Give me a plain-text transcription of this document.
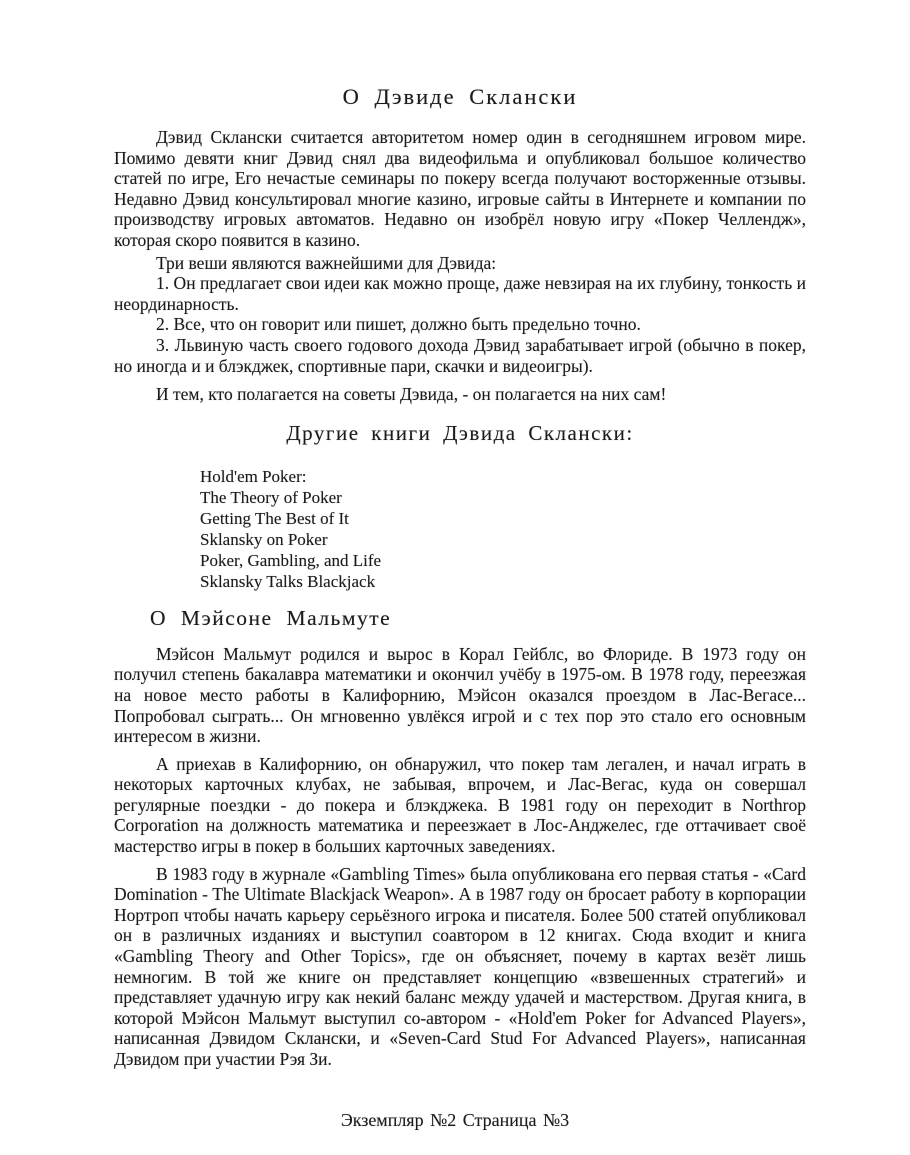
О Дэвиде Склански

Дэвид Склански считается авторитетом номер один в сегодняшнем игровом мире. Помимо девяти книг Дэвид снял два видеофильма и опубликовал большое количество статей по игре, Его нечастые семинары по покеру всегда получают восторженные отзывы. Недавно Дэвид консультировал многие казино, игровые сайты в Интернете и компании по производству игровых автоматов. Недавно он изобрёл новую игру «Покер Челлендж», которая скоро появится в казино.

Три веши являются важнейшими для Дэвида:

1. Он предлагает свои идеи как можно проще, даже невзирая на их глубину, тонкость и неординарность.

2. Все, что он говорит или пишет, должно быть предельно точно.

3. Львиную часть своего годового дохода Дэвид зарабатывает игрой (обычно в покер, но иногда и и блэкджек, спортивные пари, скачки и видеоигры).

И тем, кто полагается на советы Дэвида, - он полагается на них сам!

Другие книги Дэвида Склански:
Hold'em Poker:
The Theory of Poker
Getting The Best of It
Sklansky on Poker
Poker, Gambling, and Life
Sklansky Talks Blackjack
О Мэйсоне Мальмуте

Мэйсон Мальмут родился и вырос в Корал Гейблс, во Флориде. В 1973 году он получил степень бакалавра математики и окончил учёбу в 1975-ом. В 1978 году, переезжая на новое место работы в Калифорнию, Мэйсон оказался проездом в Лас-Вегасе... Попробовал сыграть... Он мгновенно увлёкся игрой и с тех пор это стало его основным интересом в жизни.

А приехав в Калифорнию, он обнаружил, что покер там легален, и начал играть в некоторых карточных клубах, не забывая, впрочем, и Лас-Вегас, куда он совершал регулярные поездки - до покера и блэкджека. В 1981 году он переходит в Northrop Corporation на должность математика и переезжает в Лос-Анджелес, где оттачивает своё мастерство игры в покер в больших карточных заведениях.

В 1983 году в журнале «Gambling Times» была опубликована его первая статья - «Card Domination - The Ultimate Blackjack Weapon». А в 1987 году он бросает работу в корпорации Нортроп чтобы начать карьеру серьёзного игрока и писателя. Более 500 статей опубликовал он в различных изданиях и выступил соавтором в 12 книгах. Сюда входит и книга «Gambling Theory and Other Topics», где он объясняет, почему в картах везёт лишь немногим. В той же книге он представляет концепцию «взвешенных стратегий» и представляет удачную игру как некий баланс между удачей и мастерством. Другая книга, в которой Мэйсон Мальмут выступил со-автором - «Hold'em Poker for Advanced Players», написанная Дэвидом Склански, и «Seven-Card Stud For Advanced Players», написанная Дэвидом при участии Рэя Зи.

Экземпляр №2 Страница №3
